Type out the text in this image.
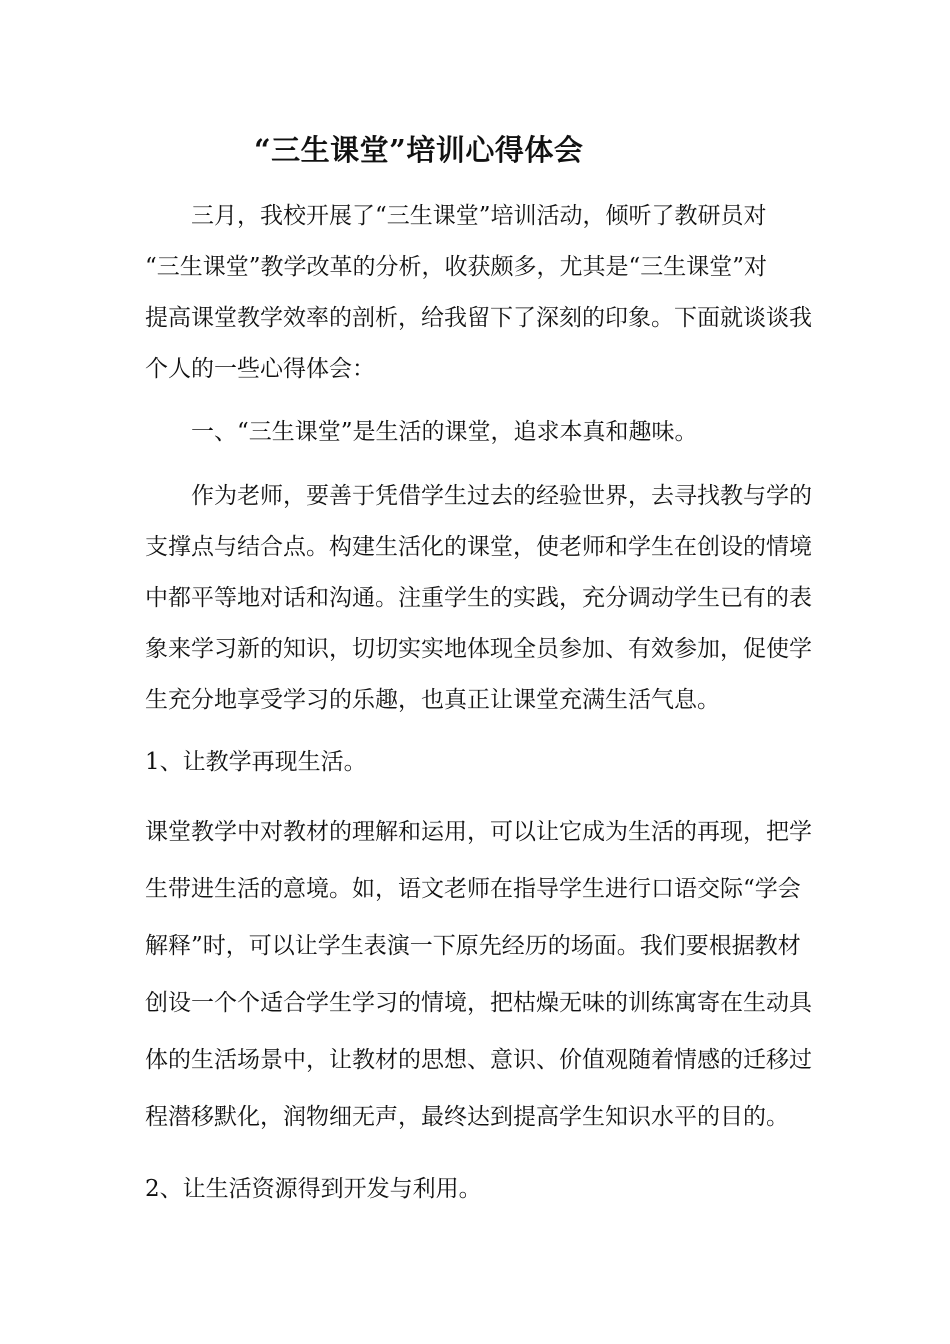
“三生课堂”培训心得体会

三月，我校开展了“三生课堂”培训活动，倾听了教研员对
“三生课堂”教学改革的分析，收获颇多，尤其是“三生课堂”对
提高课堂教学效率的剖析，给我留下了深刻的印象。下面就谈谈我
个人的一些心得体会：

一、“三生课堂”是生活的课堂，追求本真和趣味。

作为老师，要善于凭借学生过去的经验世界，去寻找教与学的
支撑点与结合点。构建生活化的课堂，使老师和学生在创设的情境
中都平等地对话和沟通。注重学生的实践，充分调动学生已有的表
象来学习新的知识，切切实实地体现全员参加、有效参加，促使学
生充分地享受学习的乐趣，也真正让课堂充满生活气息。

1、让教学再现生活。

课堂教学中对教材的理解和运用，可以让它成为生活的再现，把学
生带进生活的意境。如，语文老师在指导学生进行口语交际“学会
解释”时，可以让学生表演一下原先经历的场面。我们要根据教材
创设一个个适合学生学习的情境，把枯燥无味的训练寓寄在生动具
体的生活场景中，让教材的思想、意识、价值观随着情感的迁移过
程潜移默化，润物细无声，最终达到提高学生知识水平的目的。

2、让生活资源得到开发与利用。
